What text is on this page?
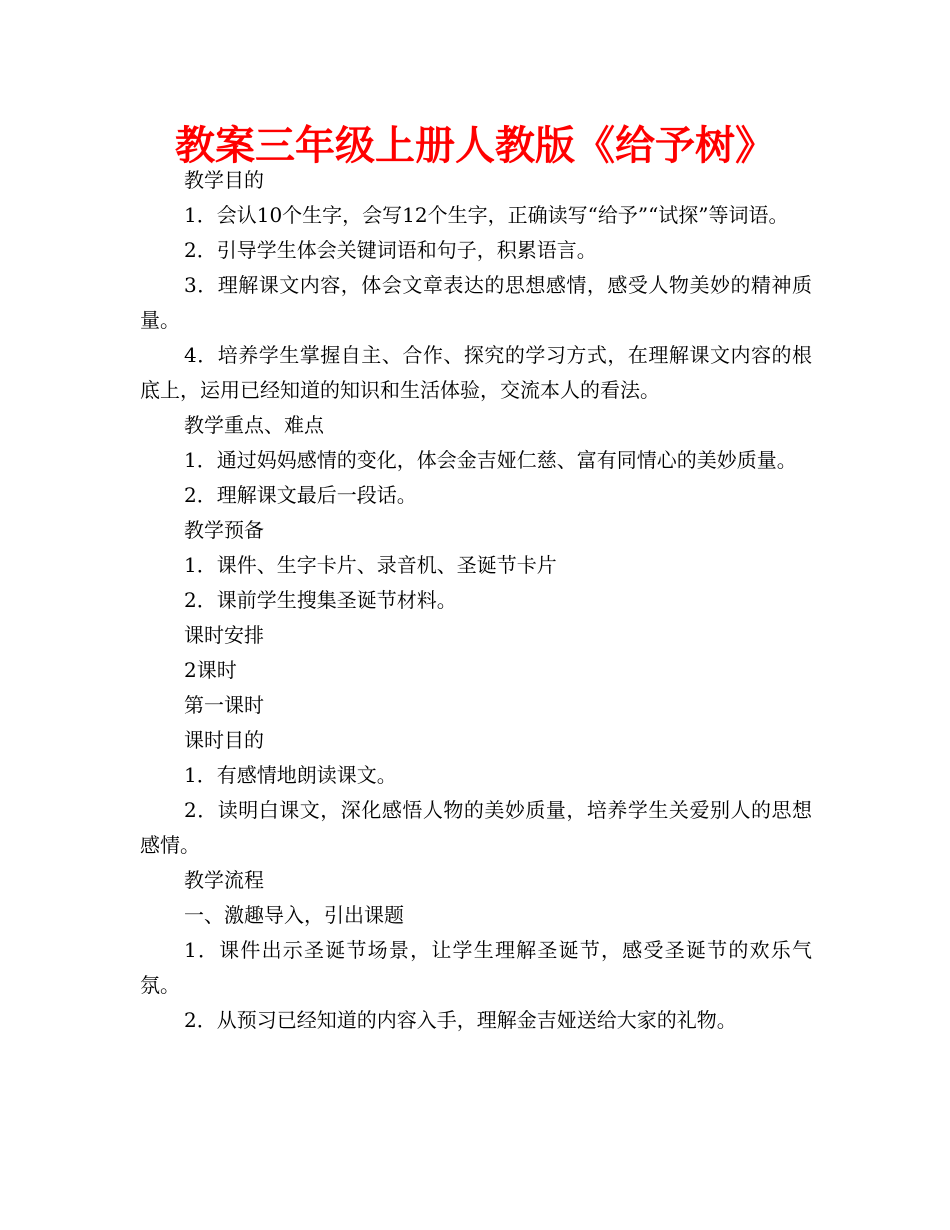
教案三年级上册人教版《给予树》

教学目的

1．会认10个生字，会写12个生字，正确读写“给予”“试探”等词语。

2．引导学生体会关键词语和句子，积累语言。

3．理解课文内容，体会文章表达的思想感情，感受人物美妙的精神质量。

4．培养学生掌握自主、合作、探究的学习方式，在理解课文内容的根底上，运用已经知道的知识和生活体验，交流本人的看法。

教学重点、难点

1．通过妈妈感情的变化，体会金吉娅仁慈、富有同情心的美妙质量。

2．理解课文最后一段话。

教学预备

1．课件、生字卡片、录音机、圣诞节卡片

2．课前学生搜集圣诞节材料。

课时安排

2课时

第一课时

课时目的

1．有感情地朗读课文。

2．读明白课文，深化感悟人物的美妙质量，培养学生关爱别人的思想感情。

教学流程

一、激趣导入，引出课题

1．课件出示圣诞节场景，让学生理解圣诞节，感受圣诞节的欢乐气氛。

2．从预习已经知道的内容入手，理解金吉娅送给大家的礼物。
